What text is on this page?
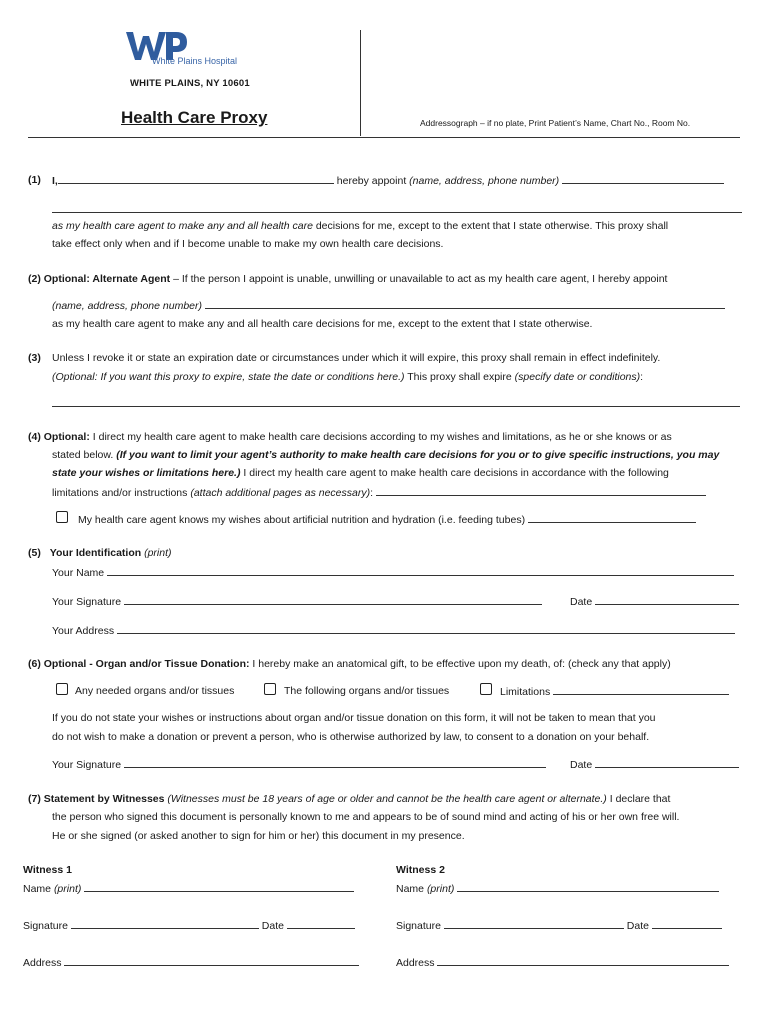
White Plains Hospital
WHITE PLAINS, NY 10601
Health Care Proxy	Addressograph – if no plate, Print Patient’s Name, Chart No., Room No.
(1) I,	hereby appoint (name, address, phone number)
as my health care agent to make any and all health care decisions for me, except to the extent that I state otherwise. This proxy shall
take effect only when and if I become unable to make my own health care decisions.
(2) Optional: Alternate Agent – If the person I appoint is unable, unwilling or unavailable to act as my health care agent, I hereby appoint
(name, address, phone number)
as my health care agent to make any and all health care decisions for me, except to the extent that I state otherwise.
(3) Unless I revoke it or state an expiration date or circumstances under which it will expire, this proxy shall remain in effect indefinitely.
(Optional: If you want this proxy to expire, state the date or conditions here.) This proxy shall expire (specify date or conditions):
(4) Optional: I direct my health care agent to make health care decisions according to my wishes and limitations, as he or she knows or as
stated below. (If you want to limit your agent’s authority to make health care decisions for you or to give specific instructions, you may
state your wishes or limitations here.) I direct my health care agent to make health care decisions in accordance with the following
limitations and/or instructions (attach additional pages as necessary):
My health care agent knows my wishes about artificial nutrition and hydration (i.e. feeding tubes)
(5) Your Identification (print)
Your Name
Your Signature	Date
Your Address
(6) Optional - Organ and/or Tissue Donation: I hereby make an anatomical gift, to be effective upon my death, of: (check any that apply)
Any needed organs and/or tissues	The following organs and/or tissues	Limitations
If you do not state your wishes or instructions about organ and/or tissue donation on this form, it will not be taken to mean that you
do not wish to make a donation or prevent a person, who is otherwise authorized by law, to consent to a donation on your behalf.
Your Signature	Date
(7) Statement by Witnesses (Witnesses must be 18 years of age or older and cannot be the health care agent or alternate.) I declare that
the person who signed this document is personally known to me and appears to be of sound mind and acting of his or her own free will.
He or she signed (or asked another to sign for him or her) this document in my presence.
Witness 1
Name (print)
Signature	Date
Address
Witness 2
Name (print)
Signature	Date
Address
